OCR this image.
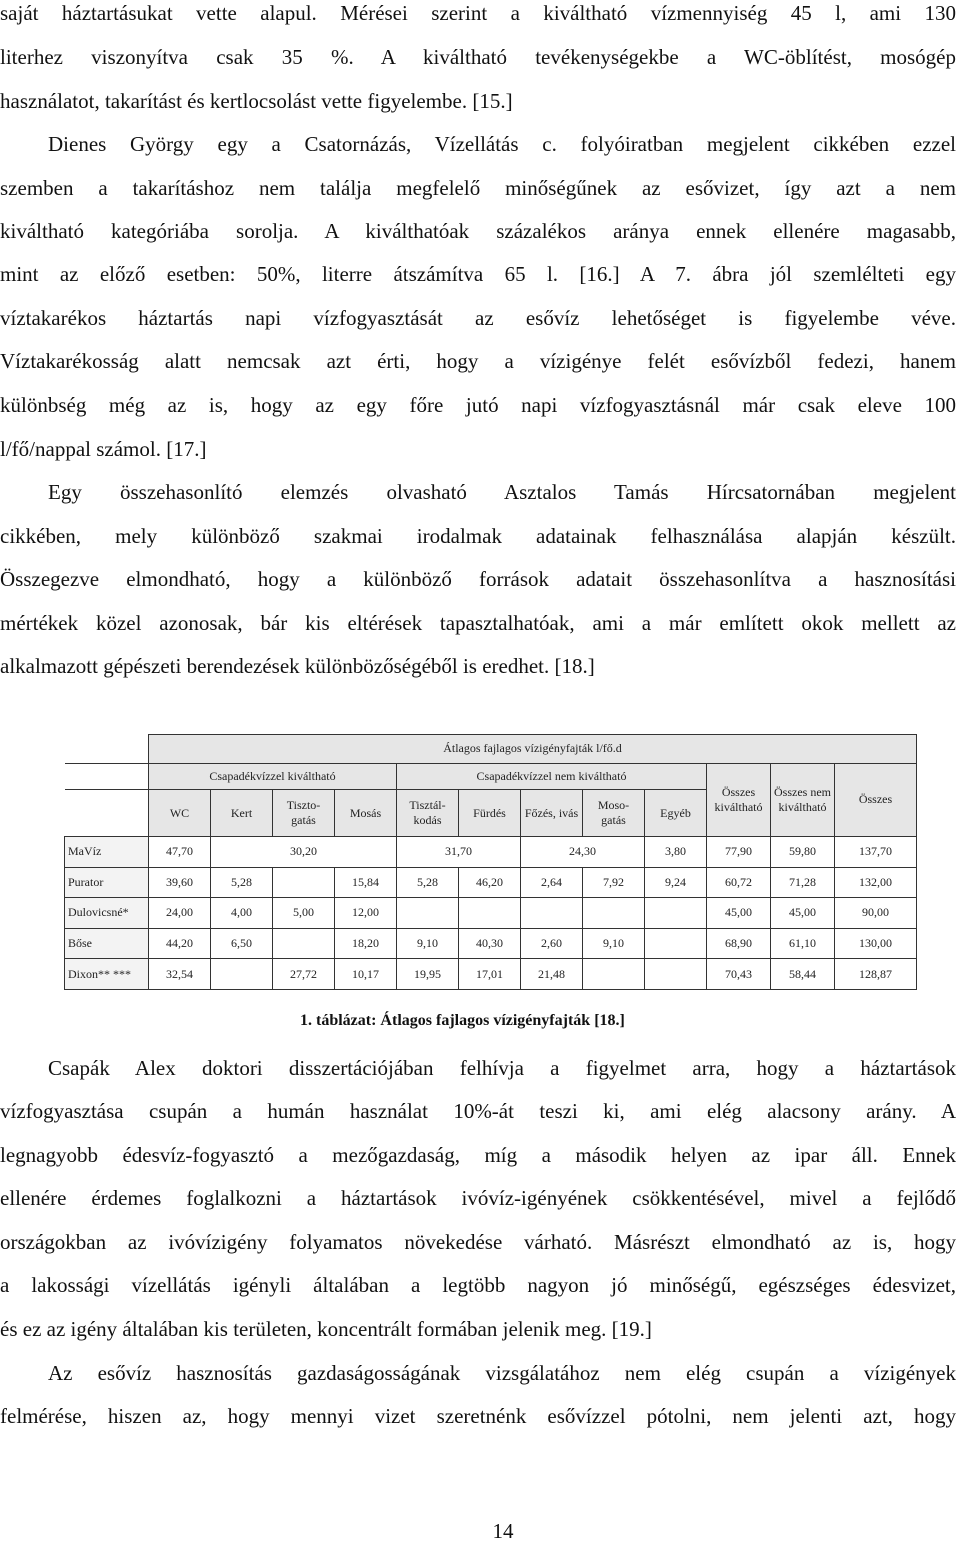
saját háztartásukat vette alapul. Mérései szerint a kiváltható vízmennyiség 45 l, ami 130
literhez viszonyítva csak 35 %. A kiváltható tevékenységekbe a WC-öblítést, mosógép
használatot, takarítást és kertlocsolást vette figyelembe. [15.]
Dienes György egy a Csatornázás, Vízellátás c. folyóiratban megjelent cikkében ezzel
szemben a takarításhoz nem találja megfelelő minőségűnek az esővizet, így azt a nem
kiváltható kategóriába sorolja. A kiválthatóak százalékos aránya ennek ellenére magasabb,
mint az előző esetben: 50%, literre átszámítva 65 l. [16.] A 7. ábra jól szemlélteti egy
víztakarékos háztartás napi vízfogyasztását az esővíz lehetőséget is figyelembe véve.
Víztakarékosság alatt nemcsak azt érti, hogy a vízigénye felét esővízből fedezi, hanem
különbség még az is, hogy az egy főre jutó napi vízfogyasztásnál már csak eleve 100
l/fő/nappal számol. [17.]
Egy összehasonlító elemzés olvasható Asztalos Tamás Hírcsatornában megjelent
cikkében, mely különböző szakmai irodalmak adatainak felhasználása alapján készült.
Összegezve elmondható, hogy a különböző források adatait összehasonlítva a hasznosítási
mértékek közel azonosak, bár kis eltérések tapasztalhatóak, ami a már említett okok mellett az
alkalmazott gépészeti berendezések különbözőségéből is eredhet. [18.]
	Átlagos fajlagos vízigényfajták l/fő.d											
	Csapadékvízzel kiváltható				Csapadékvízzel nem kiváltható					Összes kiváltható	Összes nem kiváltható	Összes
	WC	Kert	Tiszto-gatás	Mosás	Tisztál-kodás	Fürdés	Főzés, ivás	Moso-gatás	Egyéb			
MaVíz	47,70	30,20			31,70		24,30		3,80	77,90	59,80	137,70
Purator	39,60	5,28		15,84	5,28	46,20	2,64	7,92	9,24	60,72	71,28	132,00
Dulovicsné*	24,00	4,00	5,00	12,00						45,00	45,00	90,00
Bőse	44,20	6,50		18,20	9,10	40,30	2,60	9,10		68,90	61,10	130,00
Dixon** ***	32,54		27,72	10,17	19,95	17,01	21,48			70,43	58,44	128,87
1. táblázat: Átlagos fajlagos vízigényfajták [18.]
Csapák Alex doktori disszertációjában felhívja a figyelmet arra, hogy a háztartások
vízfogyasztása csupán a humán használat 10%-át teszi ki, ami elég alacsony arány. A
legnagyobb édesvíz-fogyasztó a mezőgazdaság, míg a második helyen az ipar áll. Ennek
ellenére érdemes foglalkozni a háztartások ivóvíz-igényének csökkentésével, mivel a fejlődő
országokban az ivóvízigény folyamatos növekedése várható. Másrészt elmondható az is, hogy
a lakossági vízellátás igényli általában a legtöbb nagyon jó minőségű, egészséges édesvizet,
és ez az igény általában kis területen, koncentrált formában jelenik meg. [19.]
Az esővíz hasznosítás gazdaságosságának vizsgálatához nem elég csupán a vízigények
felmérése, hiszen az, hogy mennyi vizet szeretnénk esővízzel pótolni, nem jelenti azt, hogy
14
